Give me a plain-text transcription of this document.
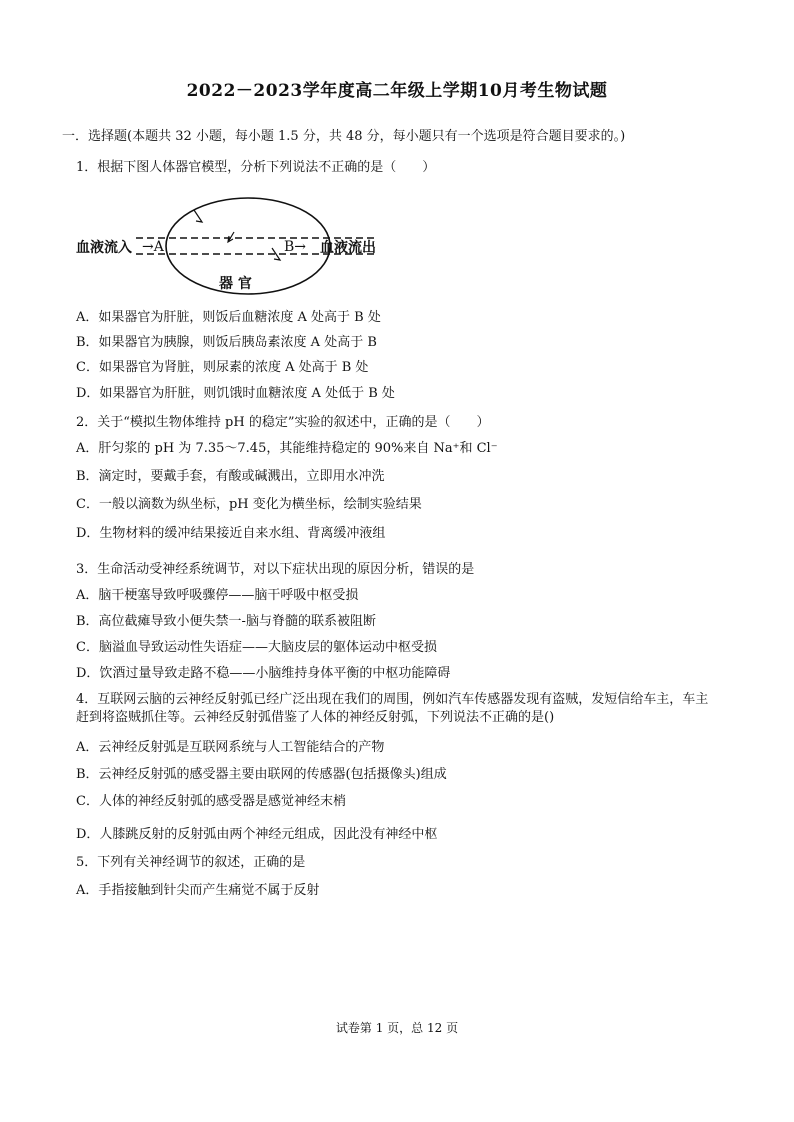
2022－2023学年度高二年级上学期10月考生物试题
一．选择题(本题共 32 小题，每小题 1.5 分，共 48 分，每小题只有一个选项是符合题目要求的。)
1．根据下图人体器官模型，分析下列说法不正确的是（　　）
血液流入 →A	B→ 血液流出
器 官
A．如果器官为肝脏，则饭后血糖浓度 A 处高于 B 处
B．如果器官为胰腺，则饭后胰岛素浓度 A 处高于 B
C．如果器官为肾脏，则尿素的浓度 A 处高于 B 处
D．如果器官为肝脏，则饥饿时血糖浓度 A 处低于 B 处
2．关于“模拟生物体维持 pH 的稳定”实验的叙述中，正确的是（　　）
A．肝匀浆的 pH 为 7.35～7.45，其能维持稳定的 90%来自 Na⁺和 Cl⁻
B．滴定时，要戴手套，有酸或碱溅出，立即用水冲洗
C．一般以滴数为纵坐标，pH 变化为横坐标，绘制实验结果
D．生物材料的缓冲结果接近自来水组、背离缓冲液组
3．生命活动受神经系统调节，对以下症状出现的原因分析，错误的是
A．脑干梗塞导致呼吸骤停——脑干呼吸中枢受损
B．高位截瘫导致小便失禁一-脑与脊髓的联系被阻断
C．脑溢血导致运动性失语症——大脑皮层的躯体运动中枢受损
D．饮酒过量导致走路不稳——小脑维持身体平衡的中枢功能障碍
4．互联网云脑的云神经反射弧已经广泛出现在我们的周围，例如汽车传感器发现有盗贼，发短信给车主，车主赶到将盗贼抓住等。云神经反射弧借鉴了人体的神经反射弧，下列说法不正确的是()
A．云神经反射弧是互联网系统与人工智能结合的产物
B．云神经反射弧的感受器主要由联网的传感器(包括摄像头)组成
C．人体的神经反射弧的感受器是感觉神经末梢
D．人膝跳反射的反射弧由两个神经元组成，因此没有神经中枢
5．下列有关神经调节的叙述，正确的是
A．手指接触到针尖而产生痛觉不属于反射
试卷第 1 页，总 12 页
